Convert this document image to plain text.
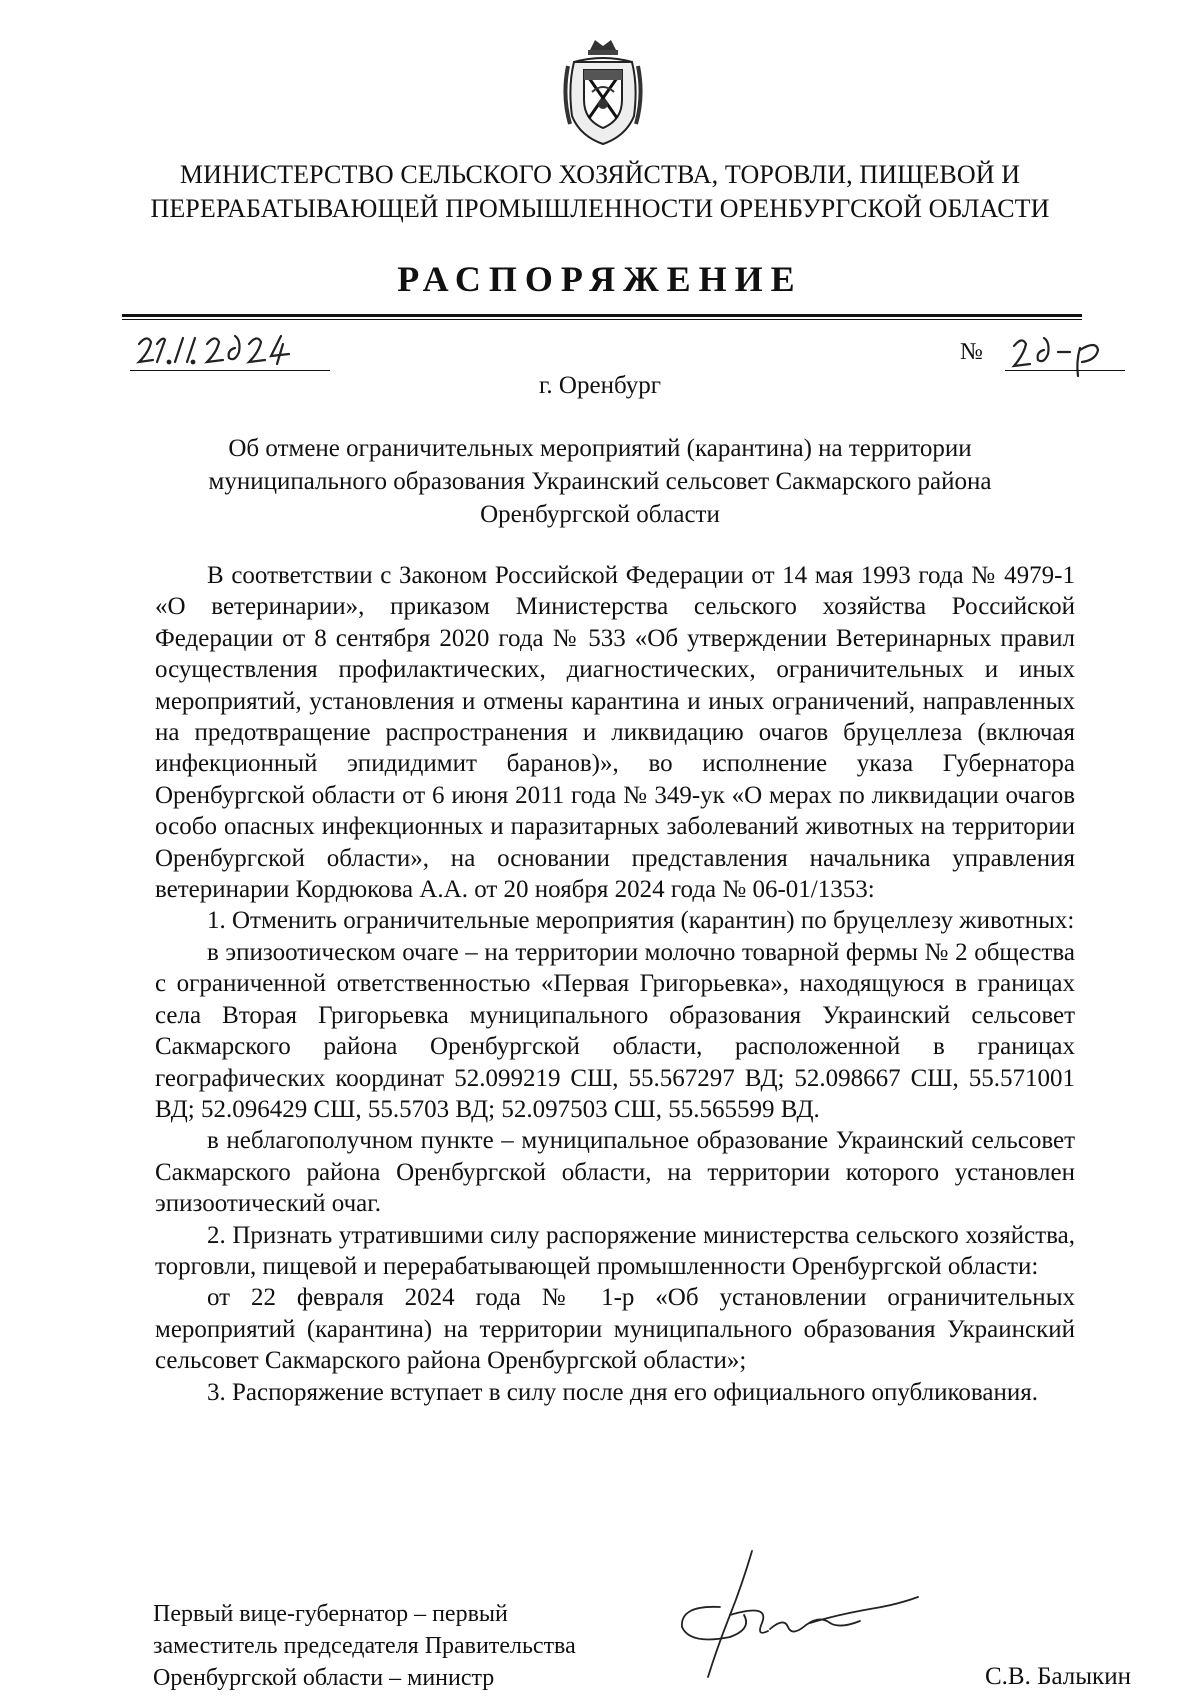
МИНИСТЕРСТВО СЕЛЬСКОГО ХОЗЯЙСТВА, ТОРОВЛИ, ПИЩЕВОЙ И
ПЕРЕРАБАТЫВАЮЩЕЙ ПРОМЫШЛЕННОСТИ ОРЕНБУРГСКОЙ ОБЛАСТИ
РАСПОРЯЖЕНИЕ
№
г. Оренбург
Об отмене ограничительных мероприятий (карантина) на территории
муниципального образования Украинский сельсовет Сакмарского района
Оренбургской области

В соответствии с Законом Российской Федерации от 14 мая 1993 года № 4979-1 «О ветеринарии», приказом Министерства сельского хозяйства Российской Федерации от 8 сентября 2020 года № 533 «Об утверждении Ветеринарных правил осуществления профилактических, диагностических, ограничительных и иных мероприятий, установления и отмены карантина и иных ограничений, направленных на предотвращение распространения и ликвидацию очагов бруцеллеза (включая инфекционный эпидидимит баранов)», во исполнение указа Губернатора Оренбургской области от 6 июня 2011 года № 349-ук «О мерах по ликвидации очагов особо опасных инфекционных и паразитарных заболеваний животных на территории Оренбургской области», на основании представления начальника управления ветеринарии Кордюкова А.А. от 20 ноября 2024 года № 06-01/1353:

1. Отменить ограничительные мероприятия (карантин) по бруцеллезу животных:

в эпизоотическом очаге – на территории молочно товарной фермы № 2 общества с ограниченной ответственностью «Первая Григорьевка», находящуюся в границах села Вторая Григорьевка муниципального образования Украинский сельсовет Сакмарского района Оренбургской области, расположенной в границах географических координат 52.099219 СШ, 55.567297 ВД; 52.098667 СШ, 55.571001 ВД; 52.096429 СШ, 55.5703 ВД; 52.097503 СШ, 55.565599 ВД.

в неблагополучном пункте – муниципальное образование Украинский сельсовет Сакмарского района Оренбургской области, на территории которого установлен эпизоотический очаг.

2. Признать утратившими силу распоряжение министерства сельского хозяйства, торговли, пищевой и перерабатывающей промышленности Оренбургской области:

от 22 февраля 2024 года № 1-р «Об установлении ограничительных мероприятий (карантина) на территории муниципального образования Украинский сельсовет Сакмарского района Оренбургской области»;

3. Распоряжение вступает в силу после дня его официального опубликования.

Первый вице-губернатор – первый
заместитель председателя Правительства
Оренбургской области – министр	С.В. Балыкин
